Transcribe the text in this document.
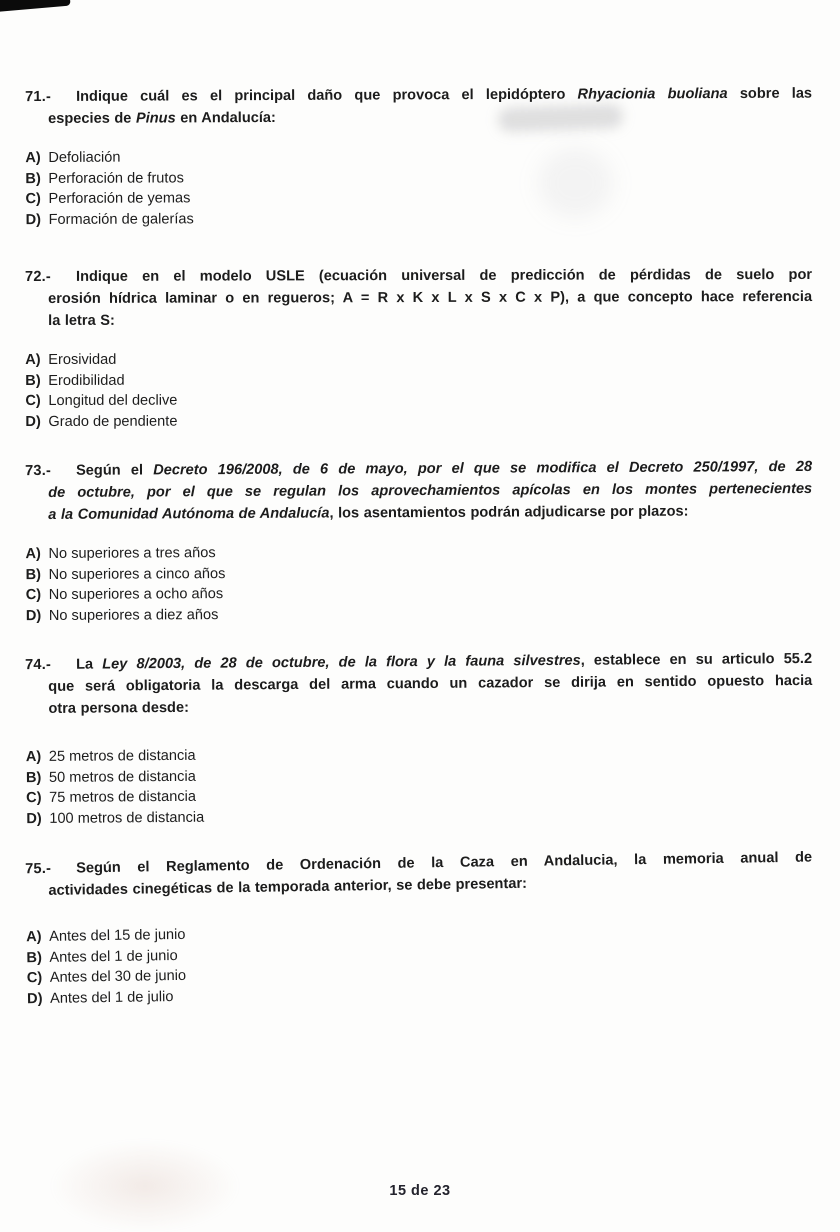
71.-	Indique cuál es el principal daño que provoca el lepidóptero Rhyacionia buoliana sobre las
especies de Pinus en Andalucía:
A) Defoliación
B) Perforación de frutos
C) Perforación de yemas
D) Formación de galerías
72.-	Indique en el modelo USLE (ecuación universal de predicción de pérdidas de suelo por
erosión hídrica laminar o en regueros; A = R x K x L x S x C x P), a que concepto hace referencia
la letra S:
A) Erosividad
B) Erodibilidad
C) Longitud del declive
D) Grado de pendiente
73.-	Según el Decreto 196/2008, de 6 de mayo, por el que se modifica el Decreto 250/1997, de 28
de octubre, por el que se regulan los aprovechamientos apícolas en los montes pertenecientes
a la Comunidad Autónoma de Andalucía, los asentamientos podrán adjudicarse por plazos:
A) No superiores a tres años
B) No superiores a cinco años
C) No superiores a ocho años
D) No superiores a diez años
74.-	La Ley 8/2003, de 28 de octubre, de la flora y la fauna silvestres, establece en su articulo 55.2
que será obligatoria la descarga del arma cuando un cazador se dirija en sentido opuesto hacia
otra persona desde:
A) 25 metros de distancia
B) 50 metros de distancia
C) 75 metros de distancia
D) 100 metros de distancia
75.-	Según el Reglamento de Ordenación de la Caza en Andalucia, la memoria anual de
actividades cinegéticas de la temporada anterior, se debe presentar:
A) Antes del 15 de junio
B) Antes del 1 de junio
C) Antes del 30 de junio
D) Antes del 1 de julio
15 de 23
